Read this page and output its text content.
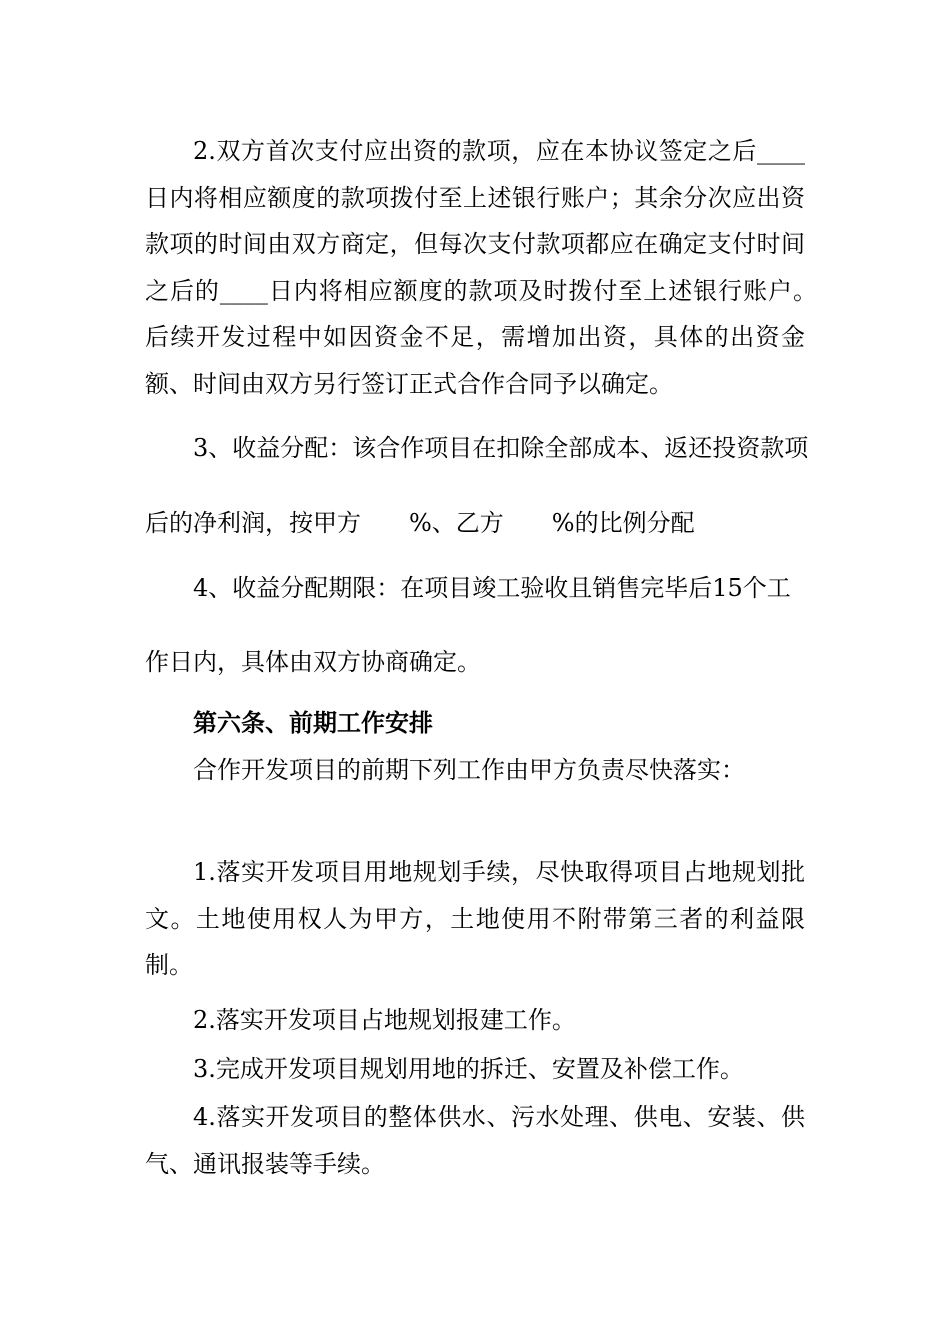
2.双方首次支付应出资的款项，应在本协议签定之后____日内将相应额度的款项拨付至上述银行账户；其余分次应出资款项的时间由双方商定，但每次支付款项都应在确定支付时间之后的____日内将相应额度的款项及时拨付至上述银行账户。　后续开发过程中如因资金不足，需增加出资，具体的出资金额、时间由双方另行签订正式合作合同予以确定。

3、收益分配：该合作项目在扣除全部成本、返还投资款项

后的净利润，按甲方　　%、乙方　　%的比例分配

4、收益分配期限：在项目竣工验收且销售完毕后15个工

作日内，具体由双方协商确定。

第六条、前期工作安排

合作开发项目的前期下列工作由甲方负责尽快落实：

1.落实开发项目用地规划手续，尽快取得项目占地规划批文。土地使用权人为甲方，土地使用不附带第三者的利益限制。

2.落实开发项目占地规划报建工作。

3.完成开发项目规划用地的拆迁、安置及补偿工作。

4.落实开发项目的整体供水、污水处理、供电、安装、供气、通讯报装等手续。
